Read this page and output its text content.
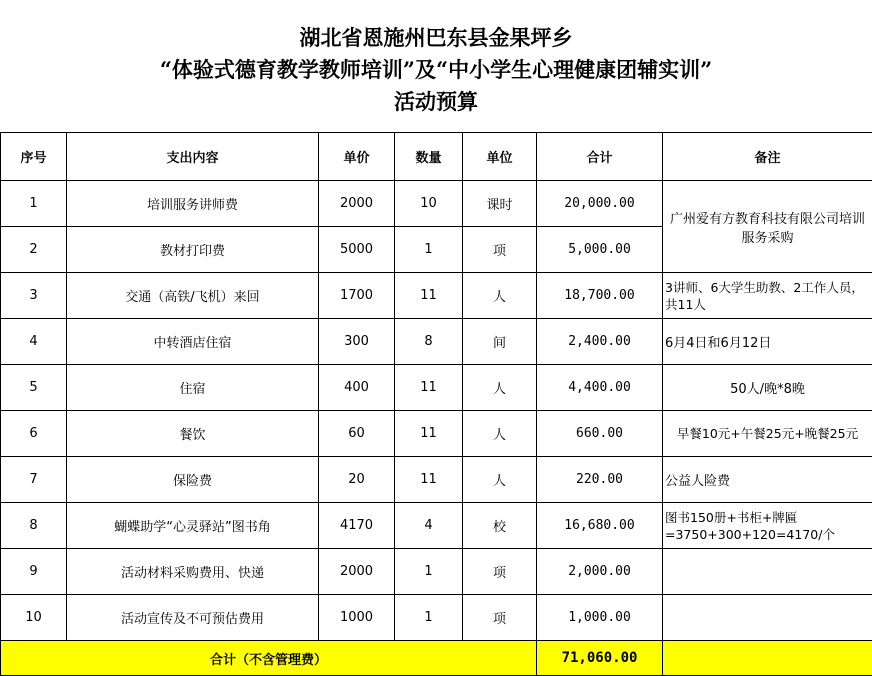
湖北省恩施州巴东县金果坪乡
“体验式德育教学教师培训”及“中小学生心理健康团辅实训”
活动预算
序号	支出内容	单价	数量	单位	合计	备注
1	培训服务讲师费	2000	10	课时	20,000.00	广州爱有方教育科技有限公司培训服务采购
2	教材打印费	5000	1	项	5,000.00	
3	交通（高铁/飞机）来回	1700	11	人	18,700.00	3讲师、6大学生助教、2工作人员，共11人
4	中转酒店住宿	300	8	间	2,400.00	6月4日和6月12日
5	住宿	400	11	人	4,400.00	50人/晚*8晚
6	餐饮	60	11	人	660.00	早餐10元+午餐25元+晚餐25元
7	保险费	20	11	人	220.00	公益人险费
8	蝴蝶助学“心灵驿站”图书角	4170	4	校	16,680.00	图书150册+书柜+牌匾=3750+300+120=4170/个
9	活动材料采购费用、快递	2000	1	项	2,000.00	
10	活动宣传及不可预估费用	1000	1	项	1,000.00	
合计（不含管理费）					71,060.00	
